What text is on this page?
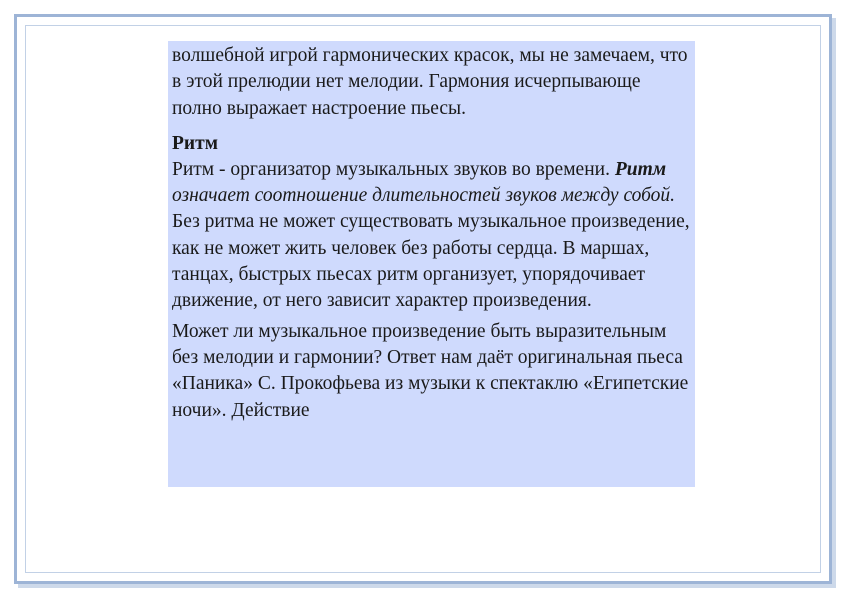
волшебной игрой гармонических красок, мы не замечаем, что в этой прелюдии нет мелодии. Гармония исчерпывающе полно выражает настроение пьесы.

Ритм

Ритм - организатор музыкальных звуков во времени. Ритм означает соотношение длительностей звуков между собой. Без ритма не может существовать музыкальное произведение, как не может жить человек без работы сердца. В маршах, танцах, быстрых пьесах ритм организует, упорядочивает движение, от него зависит характер произведения.

Может ли музыкальное произведение быть выразительным без мелодии и гармонии? Ответ нам даёт оригинальная пьеса «Паника» С. Прокофьева из музыки к спектаклю «Египетские ночи». Действие
